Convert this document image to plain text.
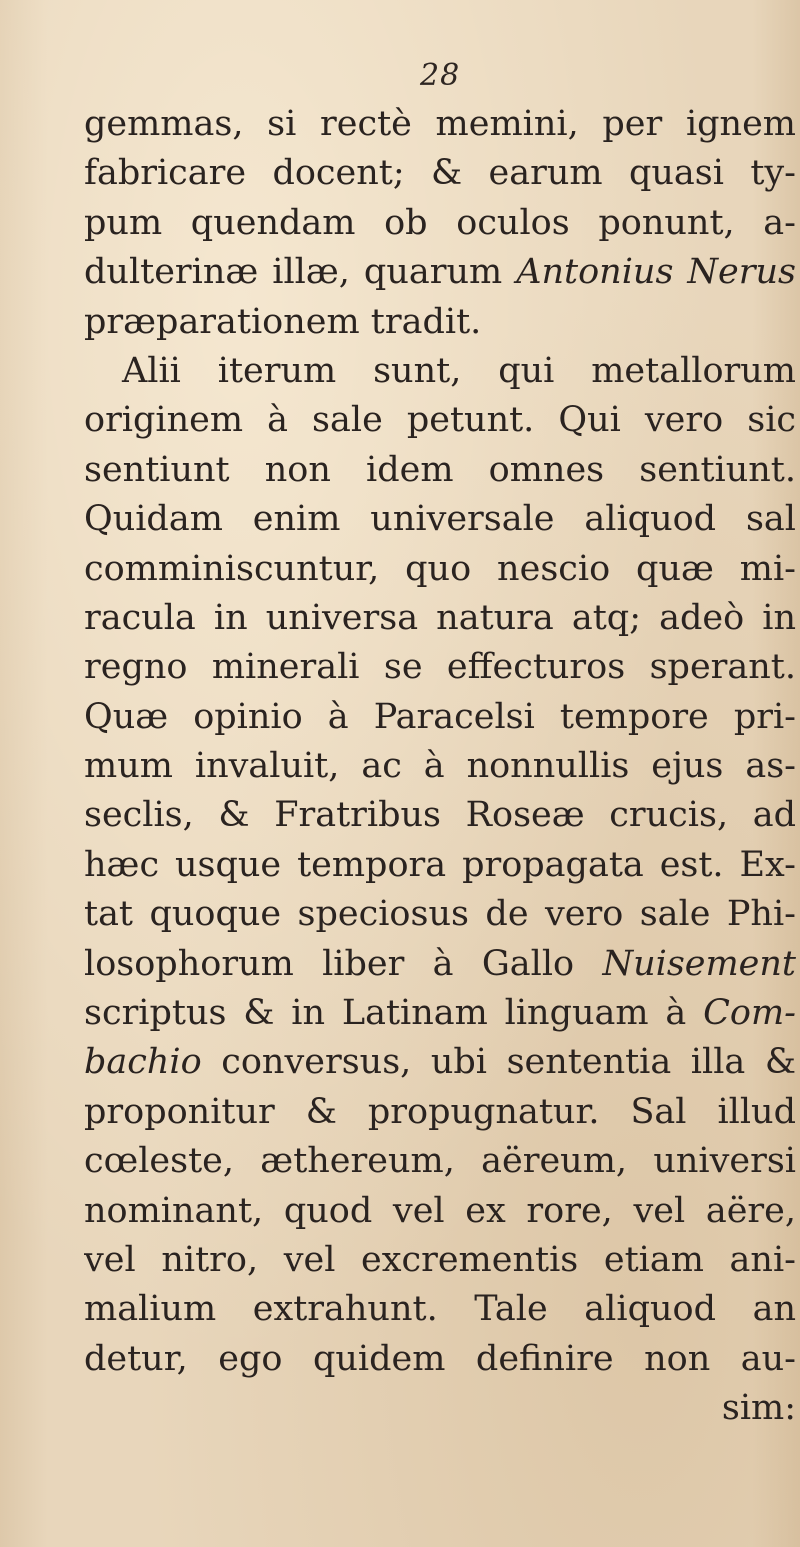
28
gemmas, si rectè memini, per ignem
fabricare docent; & earum quasi ty-
pum quendam ob oculos ponunt, a-
dulterinæ illæ, quarum Antonius Nerus
præparationem tradit.
Alii iterum sunt, qui metallorum
originem à sale petunt. Qui vero sic
sentiunt non idem omnes sentiunt.
Quidam enim universale aliquod sal
comminiscuntur, quo nescio quæ mi-
racula in universa natura atq; adeò in
regno minerali se effecturos sperant.
Quæ opinio à Paracelsi tempore pri-
mum invaluit, ac à nonnullis ejus as-
seclis, & Fratribus Roseæ crucis, ad
hæc usque tempora propagata est. Ex-
tat quoque speciosus de vero sale Phi-
losophorum liber à Gallo Nuisement
scriptus & in Latinam linguam à Com-
bachio conversus, ubi sententia illa &
proponitur & propugnatur. Sal illud
cœleste, æthereum, aëreum, universi
nominant, quod vel ex rore, vel aëre,
vel nitro, vel excrementis etiam ani-
malium extrahunt. Tale aliquod an
detur, ego quidem definire non au-
sim:
